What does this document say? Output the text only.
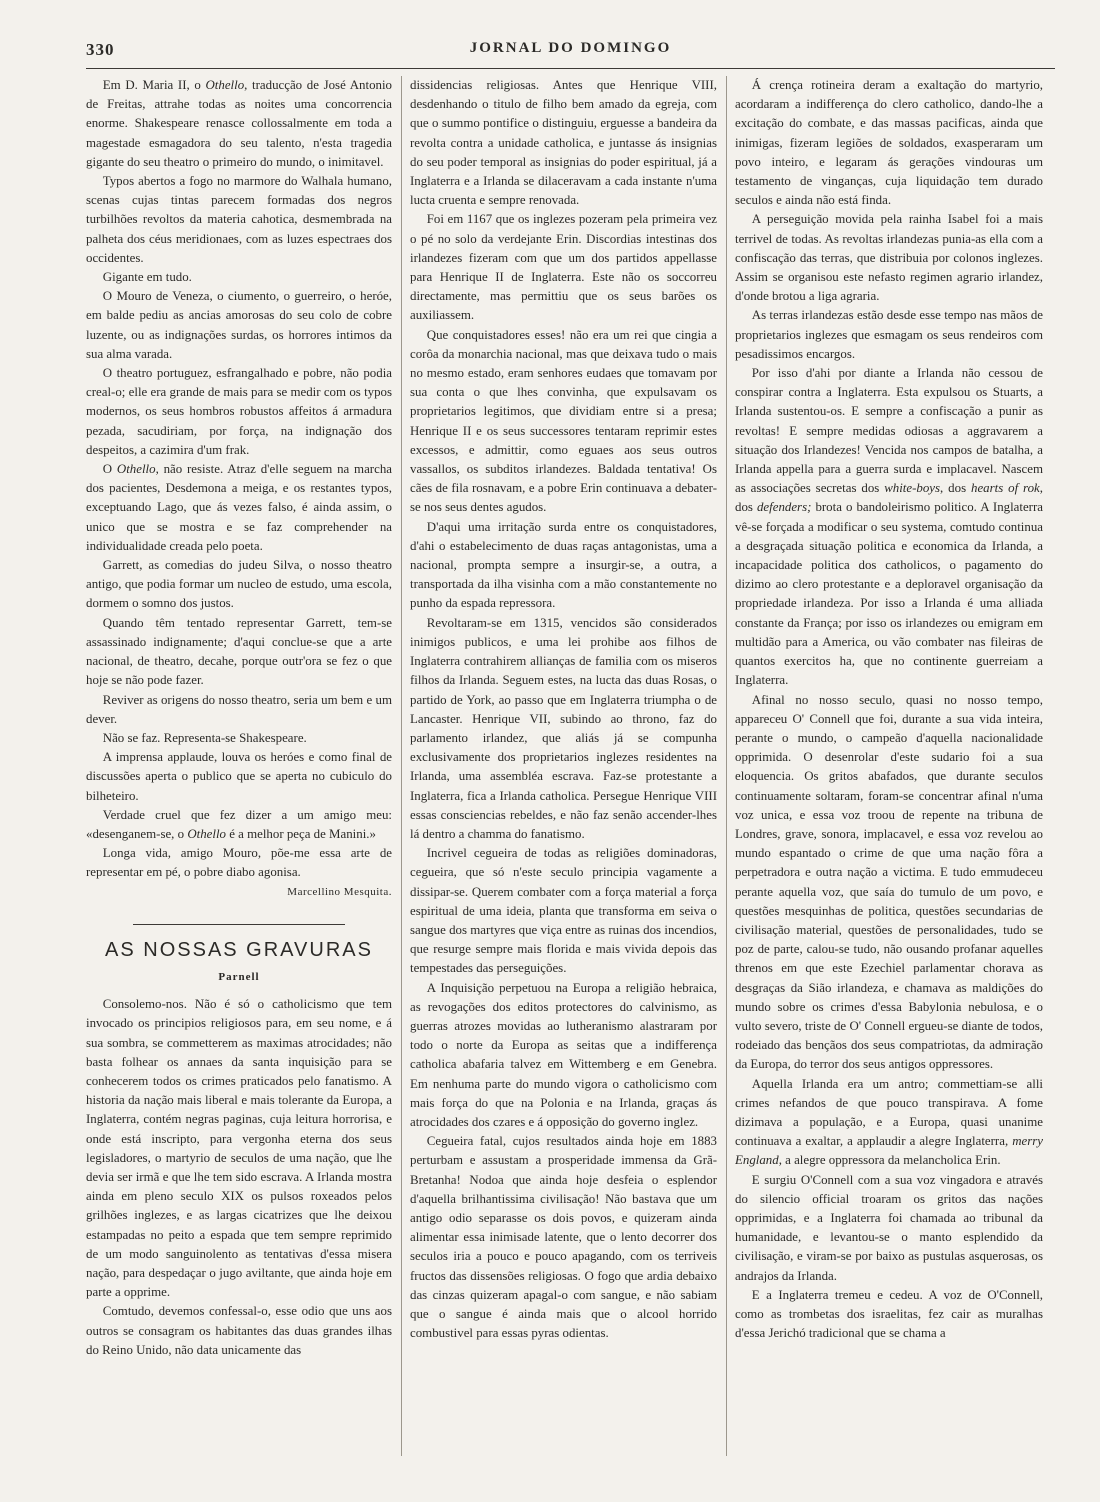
330	JORNAL DO DOMINGO

Em D. Maria II, o Othello, traducção de José Antonio de Freitas, attrahe todas as noites uma concorrencia enorme. Shakespeare renasce collossalmente em toda a magestade esmagadora do seu talento, n'esta tragedia gigante do seu theatro o primeiro do mundo, o inimitavel.

Typos abertos a fogo no marmore do Walhala humano, scenas cujas tintas parecem formadas dos negros turbilhões revoltos da materia cahotica, desmembrada na palheta dos céus meridionaes, com as luzes espectraes dos occidentes.

Gigante em tudo.

O Mouro de Veneza, o ciumento, o guerreiro, o heróe, em balde pediu as ancias amorosas do seu colo de cobre luzente, ou as indignações surdas, os horrores intimos da sua alma varada.

O theatro portuguez, esfrangalhado e pobre, não podia creal-o; elle era grande de mais para se medir com os typos modernos, os seus hombros robustos affeitos á armadura pezada, sacudiriam, por força, na indignação dos despeitos, a cazimira d'um frak.

O Othello, não resiste. Atraz d'elle seguem na marcha dos pacientes, Desdemona a meiga, e os restantes typos, exceptuando Lago, que ás vezes falso, é ainda assim, o unico que se mostra e se faz comprehender na individualidade creada pelo poeta.

Garrett, as comedias do judeu Silva, o nosso theatro antigo, que podia formar um nucleo de estudo, uma escola, dormem o somno dos justos.

Quando têm tentado representar Garrett, tem-se assassinado indignamente; d'aqui conclue-se que a arte nacional, de theatro, decahe, porque outr'ora se fez o que hoje se não pode fazer.

Reviver as origens do nosso theatro, seria um bem e um dever.

Não se faz. Representa-se Shakespeare.

A imprensa applaude, louva os heróes e como final de discussões aperta o publico que se aperta no cubiculo do bilheteiro.

Verdade cruel que fez dizer a um amigo meu: «desenganem-se, o Othello é a melhor peça de Manini.»

Longa vida, amigo Mouro, põe-me essa arte de representar em pé, o pobre diabo agonisa.

Marcellino Mesquita.
AS NOSSAS GRAVURAS
Parnell

Consolemo-nos. Não é só o catholicismo que tem invocado os principios religiosos para, em seu nome, e á sua sombra, se commetterem as maximas atrocidades; não basta folhear os annaes da santa inquisição para se conhecerem todos os crimes praticados pelo fanatismo. A historia da nação mais liberal e mais tolerante da Europa, a Inglaterra, contém negras paginas, cuja leitura horrorisa, e onde está inscripto, para vergonha eterna dos seus legisladores, o martyrio de seculos de uma nação, que lhe devia ser irmã e que lhe tem sido escrava. A Irlanda mostra ainda em pleno seculo XIX os pulsos roxeados pelos grilhões inglezes, e as largas cicatrizes que lhe deixou estampadas no peito a espada que tem sempre reprimido de um modo sanguinolento as tentativas d'essa misera nação, para despedaçar o jugo aviltante, que ainda hoje em parte a opprime.

Comtudo, devemos confessal-o, esse odio que uns aos outros se consagram os habitantes das duas grandes ilhas do Reino Unido, não data unicamente das

dissidencias religiosas. Antes que Henrique VIII, desdenhando o titulo de filho bem amado da egreja, com que o summo pontifice o distinguiu, erguesse a bandeira da revolta contra a unidade catholica, e juntasse ás insignias do seu poder temporal as insignias do poder espiritual, já a Inglaterra e a Irlanda se dilaceravam a cada instante n'uma lucta cruenta e sempre renovada.

Foi em 1167 que os inglezes pozeram pela primeira vez o pé no solo da verdejante Erin. Discordias intestinas dos irlandezes fizeram com que um dos partidos appellasse para Henrique II de Inglaterra. Este não os soccorreu directamente, mas permittiu que os seus barões os auxiliassem.

Que conquistadores esses! não era um rei que cingia a corôa da monarchia nacional, mas que deixava tudo o mais no mesmo estado, eram senhores eudaes que tomavam por sua conta o que lhes convinha, que expulsavam os proprietarios legitimos, que dividiam entre si a presa; Henrique II e os seus successores tentaram reprimir estes excessos, e admittir, como eguaes aos seus outros vassallos, os subditos irlandezes. Baldada tentativa! Os cães de fila rosnavam, e a pobre Erin continuava a debater-se nos seus dentes agudos.

D'aqui uma irritação surda entre os conquistadores, d'ahi o estabelecimento de duas raças antagonistas, uma a nacional, prompta sempre a insurgir-se, a outra, a transportada da ilha visinha com a mão constantemente no punho da espada repressora.

Revoltaram-se em 1315, vencidos são considerados inimigos publicos, e uma lei prohibe aos filhos de Inglaterra contrahirem allianças de familia com os miseros filhos da Irlanda. Seguem estes, na lucta das duas Rosas, o partido de York, ao passo que em Inglaterra triumpha o de Lancaster. Henrique VII, subindo ao throno, faz do parlamento irlandez, que aliás já se compunha exclusivamente dos proprietarios inglezes residentes na Irlanda, uma assembléa escrava. Faz-se protestante a Inglaterra, fica a Irlanda catholica. Persegue Henrique VIII essas consciencias rebeldes, e não faz senão accender-lhes lá dentro a chamma do fanatismo.

Incrivel cegueira de todas as religiões dominadoras, cegueira, que só n'este seculo principia vagamente a dissipar-se. Querem combater com a força material a força espiritual de uma ideia, planta que transforma em seiva o sangue dos martyres que viça entre as ruinas dos incendios, que resurge sempre mais florida e mais vivida depois das tempestades das perseguições.

A Inquisição perpetuou na Europa a religião hebraica, as revogações dos editos protectores do calvinismo, as guerras atrozes movidas ao lutheranismo alastraram por todo o norte da Europa as seitas que a indifferença catholica abafaria talvez em Wittemberg e em Genebra. Em nenhuma parte do mundo vigora o catholicismo com mais força do que na Polonia e na Irlanda, graças ás atrocidades dos czares e á opposição do governo inglez.

Cegueira fatal, cujos resultados ainda hoje em 1883 perturbam e assustam a prosperidade immensa da Grã-Bretanha! Nodoa que ainda hoje desfeia o esplendor d'aquella brilhantissima civilisação! Não bastava que um antigo odio separasse os dois povos, e quizeram ainda alimentar essa inimisade latente, que o lento decorrer dos seculos iria a pouco e pouco apagando, com os terriveis fructos das dissensões religiosas. O fogo que ardia debaixo das cinzas quizeram apagal-o com sangue, e não sabiam que o sangue é ainda mais que o alcool horrido combustivel para essas pyras odientas.

Á crença rotineira deram a exaltação do martyrio, acordaram a indifferença do clero catholico, dando-lhe a excitação do combate, e das massas pacificas, ainda que inimigas, fizeram legiões de soldados, exasperaram um povo inteiro, e legaram ás gerações vindouras um testamento de vinganças, cuja liquidação tem durado seculos e ainda não está finda.

A perseguição movida pela rainha Isabel foi a mais terrivel de todas. As revoltas irlandezas punia-as ella com a confiscação das terras, que distribuia por colonos inglezes. Assim se organisou este nefasto regimen agrario irlandez, d'onde brotou a liga agraria.

As terras irlandezas estão desde esse tempo nas mãos de proprietarios inglezes que esmagam os seus rendeiros com pesadissimos encargos.

Por isso d'ahi por diante a Irlanda não cessou de conspirar contra a Inglaterra. Esta expulsou os Stuarts, a Irlanda sustentou-os. E sempre a confiscação a punir as revoltas! E sempre medidas odiosas a aggravarem a situação dos Irlandezes! Vencida nos campos de batalha, a Irlanda appella para a guerra surda e implacavel. Nascem as associações secretas dos white-boys, dos hearts of rok, dos defenders; brota o bandoleirismo politico. A Inglaterra vê-se forçada a modificar o seu systema, comtudo continua a desgraçada situação politica e economica da Irlanda, a incapacidade politica dos catholicos, o pagamento do dizimo ao clero protestante e a deploravel organisação da propriedade irlandeza. Por isso a Irlanda é uma alliada constante da França; por isso os irlandezes ou emigram em multidão para a America, ou vão combater nas fileiras de quantos exercitos ha, que no continente guerreiam a Inglaterra.

Afinal no nosso seculo, quasi no nosso tempo, appareceu O' Connell que foi, durante a sua vida inteira, perante o mundo, o campeão d'aquella nacionalidade opprimida. O desenrolar d'este sudario foi a sua eloquencia. Os gritos abafados, que durante seculos continuamente soltaram, foram-se concentrar afinal n'uma voz unica, e essa voz troou de repente na tribuna de Londres, grave, sonora, implacavel, e essa voz revelou ao mundo espantado o crime de que uma nação fôra a perpetradora e outra nação a victima. E tudo emmudeceu perante aquella voz, que saía do tumulo de um povo, e questões mesquinhas de politica, questões secundarias de civilisação material, questões de personalidades, tudo se poz de parte, calou-se tudo, não ousando profanar aquelles threnos em que este Ezechiel parlamentar chorava as desgraças da Sião irlandeza, e chamava as maldições do mundo sobre os crimes d'essa Babylonia nebulosa, e o vulto severo, triste de O' Connell ergueu-se diante de todos, rodeiado das bençãos dos seus compatriotas, da admiração da Europa, do terror dos seus antigos oppressores.

Aquella Irlanda era um antro; commettiam-se alli crimes nefandos de que pouco transpirava. A fome dizimava a população, e a Europa, quasi unanime continuava a exaltar, a applaudir a alegre Inglaterra, merry England, a alegre oppressora da melancholica Erin.

E surgiu O'Connell com a sua voz vingadora e através do silencio official troaram os gritos das nações opprimidas, e a Inglaterra foi chamada ao tribunal da humanidade, e levantou-se o manto esplendido da civilisação, e viram-se por baixo as pustulas asquerosas, os andrajos da Irlanda.

E a Inglaterra tremeu e cedeu. A voz de O'Connell, como as trombetas dos israelitas, fez cair as muralhas d'essa Jerichó tradicional que se chama a
